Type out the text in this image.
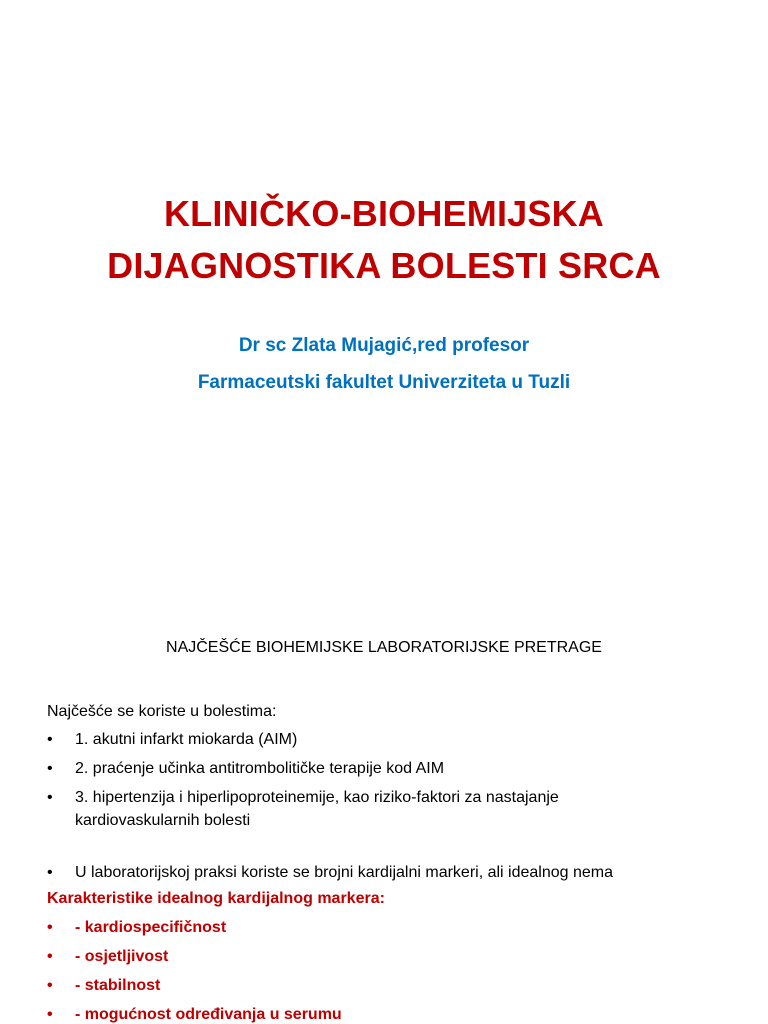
KLINIČKO-BIOHEMIJSKA
DIJAGNOSTIKA BOLESTI SRCA
Dr sc Zlata Mujagić,red profesor
Farmaceutski fakultet Univerziteta u Tuzli
NAJČEŠĆE BIOHEMIJSKE LABORATORIJSKE PRETRAGE
Najčešće se koriste u bolestima:
•	1. akutni infarkt miokarda (AIM)
•	2. praćenje učinka antitrombolitičke terapije kod AIM
•	3. hipertenzija i hiperlipoproteinemije, kao riziko-faktori za nastajanje
kardiovaskularnih bolesti
•	U laboratorijskoj praksi koriste se brojni kardijalni markeri, ali idealnog nema
Karakteristike idealnog kardijalnog markera:
•	- kardiospecifičnost
•	- osjetljivost
•	- stabilnost
•	- mogućnost određivanja u serumu
